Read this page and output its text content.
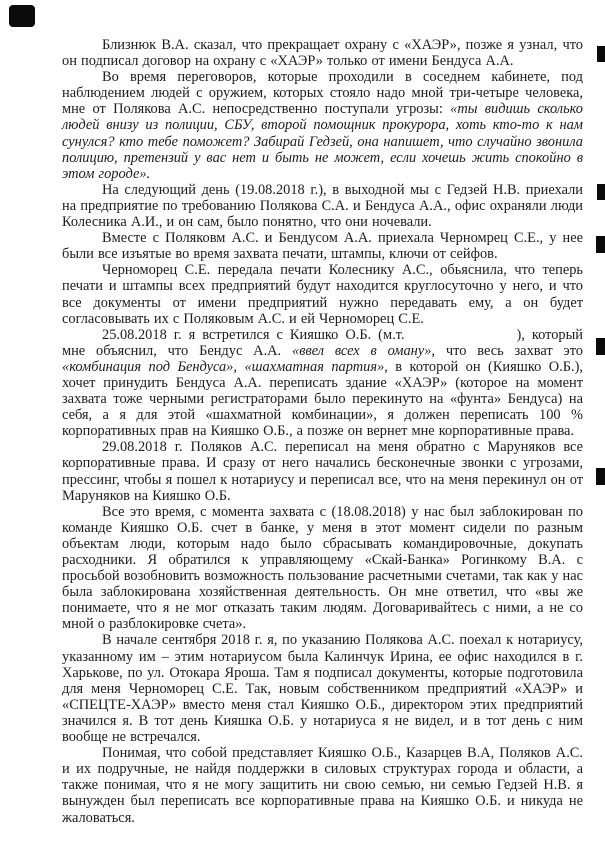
Близнюк В.А. сказал, что прекращает охрану с «ХАЭР», позже я узнал, что он подписал договор на охрану с «ХАЭР» только от имени Бендуса А.А.

Во время переговоров, которые проходили в соседнем кабинете, под наблюдением людей с оружием, которых стояло надо мной три-четыре человека, мне от Полякова А.С. непосредственно поступали угрозы: «ты видишь сколько людей внизу из полиции, СБУ, второй помощник прокурора, хоть кто-то к нам сунулся? кто тебе поможет? Забирай Гедзей, она напишет, что случайно звонила полицию, претензий у вас нет и быть не может, если хочешь жить спокойно в этом городе».

На следующий день (19.08.2018 г.), в выходной мы с Гедзей Н.В. приехали на предприятие по требованию Полякова С.А. и Бендуса А.А., офис охраняли люди Колесника А.И., и он сам, было понятно, что они ночевали.

Вместе с Поляковм А.С. и Бендусом А.А. приехала Черномрец С.Е., у нее были все изъятые во время захвата печати, штампы, ключи от сейфов.

Черноморец С.Е. передала печати Колеснику А.С., обьяснила, что теперь печати и штампы всех предприятий будут находится круглосуточно у него, и что все документы от имени предприятий нужно передавать ему, а он будет согласовывать их с Поляковым А.С. и ей Черноморец С.Е.

25.08.2018 г. я встретился с Кияшко О.Б. (м.т.	), который мне объяснил, что Бендус А.А. «ввел всех в оману», что весь захват это «комбинация под Бендуса», «шахматная партия», в которой он (Кияшко О.Б.), хочет принудить Бендуса А.А. переписать здание «ХАЭР» (которое на момент захвата тоже черными регистраторами было перекинуто на «фунта» Бендуса) на себя, а я для этой «шахматной комбинации», я должен переписать 100 % корпоративных прав на Кияшко О.Б., а позже он вернет мне корпоративные права.

29.08.2018 г. Поляков А.С. переписал на меня обратно с Маруняков все корпоративные права. И сразу от него начались бесконечные звонки с угрозами, прессинг, чтобы я пошел к нотариусу и переписал все, что на меня перекинул он от Маруняков на Кияшко О.Б.

Все это время, с момента захвата с (18.08.2018) у нас был заблокирован по команде Кияшко О.Б. счет в банке, у меня в этот момент сидели по разным объектам люди, которым надо было сбрасывать командировочные, докупать расходники. Я обратился к управляющему «Скай-Банка» Рогинкому В.А. с просьбой возобновить возможность пользование расчетными счетами, так как у нас была заблокирована хозяйственная деятельность. Он мне ответил, что «вы же понимаете, что я не мог отказать таким людям. Договаривайтесь с ними, а не со мной о разблокировке счета».

В начале сентября 2018 г. я, по указанию Полякова А.С. поехал к нотариусу, указанному им – этим нотариусом была Калинчук Ирина, ее офис находился в г. Харькове, по ул. Отокара Яроша. Там я подписал документы, которые подготовила для меня Черноморец С.Е. Так, новым собственником предприятий «ХАЭР» и «СПЕЦТЕ-ХАЭР» вместо меня стал Кияшко О.Б., директором этих предприятий значился я. В тот день Кияшка О.Б. у нотариуса я не видел, и в тот день с ним вообще не встречался.

Понимая, что собой представляет Кияшко О.Б., Казарцев В.А, Поляков А.С. и их подручные, не найдя поддержки в силовых структурах города и области, а также понимая, что я не могу защитить ни свою семью, ни семью Гедзей Н.В. я вынужден был переписать все корпоративные права на Кияшко О.Б. и никуда не жаловаться.
